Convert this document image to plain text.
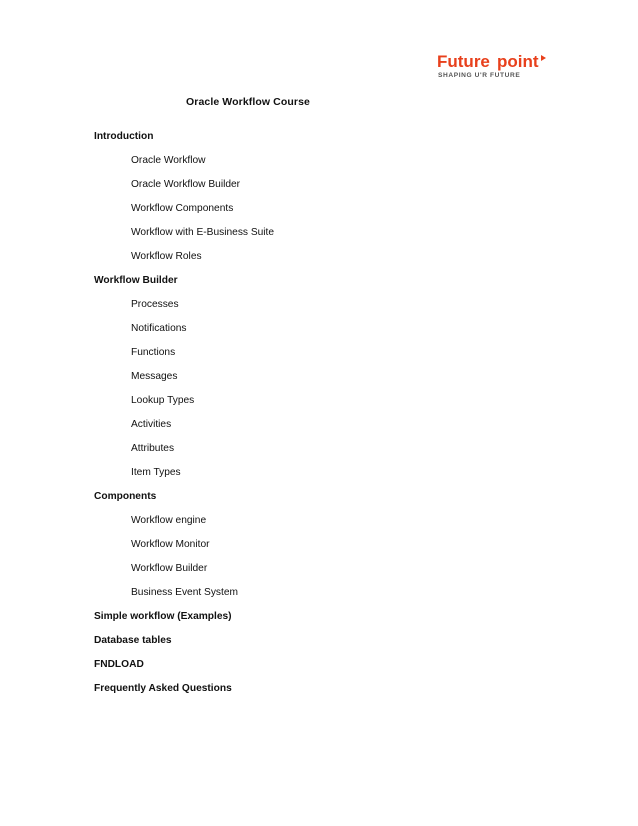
Future point
SHAPING U'R FUTURE
Oracle Workflow Course
Introduction
Oracle Workflow
Oracle Workflow Builder
Workflow Components
Workflow with E-Business Suite
Workflow Roles
Workflow Builder
Processes
Notifications
Functions
Messages
Lookup Types
Activities
Attributes
Item Types
Components
Workflow engine
Workflow Monitor
Workflow Builder
Business Event System
Simple workflow (Examples)
Database tables
FNDLOAD
Frequently Asked Questions
